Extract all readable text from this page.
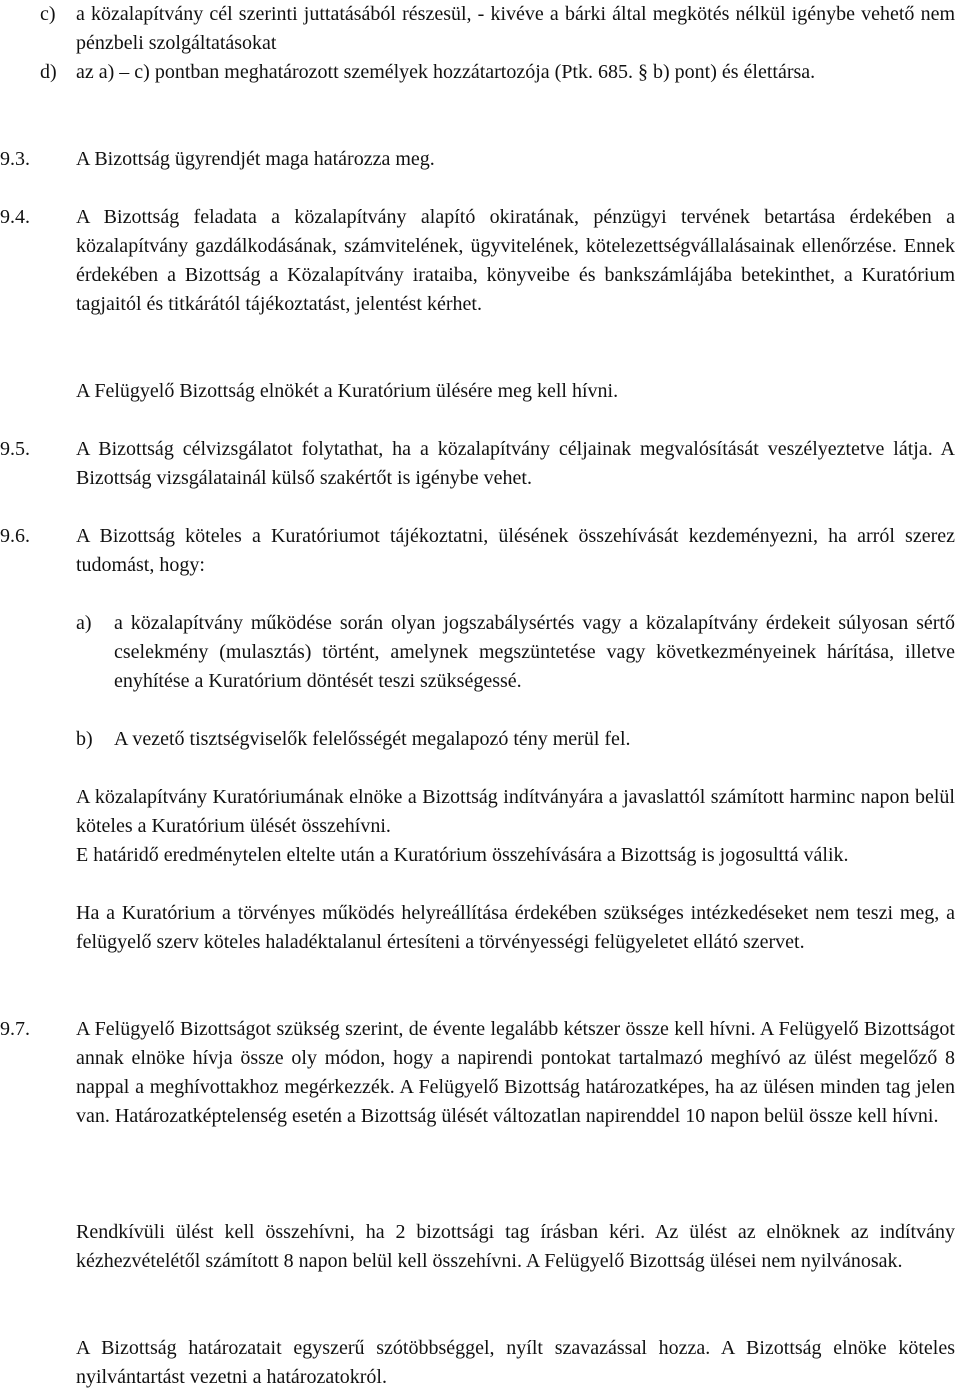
c) a közalapítvány cél szerinti juttatásából részesül, - kivéve a bárki által megkötés nélkül igénybe vehető nem pénzbeli szolgáltatásokat
d) az a) – c) pontban meghatározott személyek hozzátartozója (Ptk. 685. § b) pont) és élettársa.
9.3. A Bizottság ügyrendjét maga határozza meg.
9.4. A Bizottság feladata a közalapítvány alapító okiratának, pénzügyi tervének betartása érdekében a közalapítvány gazdálkodásának, számvitelének, ügyvitelének, kötelezettségvállalásainak ellenőrzése. Ennek érdekében a Bizottság a Közalapítvány irataiba, könyveibe és bankszámlájába betekinthet, a Kuratórium tagjaitól és titkárától tájékoztatást, jelentést kérhet.
A Felügyelő Bizottság elnökét a Kuratórium ülésére meg kell hívni.
9.5. A Bizottság célvizsgálatot folytathat, ha a közalapítvány céljainak megvalósítását veszélyeztetve látja. A Bizottság vizsgálatainál külső szakértőt is igénybe vehet.
9.6. A Bizottság köteles a Kuratóriumot tájékoztatni, ülésének összehívását kezdeményezni, ha arról szerez tudomást, hogy:
a) a közalapítvány működése során olyan jogszabálysértés vagy a közalapítvány érdekeit súlyosan sértő cselekmény (mulasztás) történt, amelynek megszüntetése vagy következményeinek hárítása, illetve enyhítése a Kuratórium döntését teszi szükségessé.
b) A vezető tisztségviselők felelősségét megalapozó tény merül fel.
A közalapítvány Kuratóriumának elnöke a Bizottság indítványára a javaslattól számított harminc napon belül köteles a Kuratórium ülését összehívni.
E határidő eredménytelen eltelte után a Kuratórium összehívására a Bizottság is jogosulttá válik.
Ha a Kuratórium a törvényes működés helyreállítása érdekében szükséges intézkedéseket nem teszi meg, a felügyelő szerv köteles haladéktalanul értesíteni a törvényességi felügyeletet ellátó szervet.
9.7. A Felügyelő Bizottságot szükség szerint, de évente legalább kétszer össze kell hívni. A Felügyelő Bizottságot annak elnöke hívja össze oly módon, hogy a napirendi pontokat tartalmazó meghívó az ülést megelőző 8 nappal a meghívottakhoz megérkezzék. A Felügyelő Bizottság határozatképes, ha az ülésen minden tag jelen van. Határozatképtelenség esetén a Bizottság ülését változatlan napirenddel 10 napon belül össze kell hívni.
Rendkívüli ülést kell összehívni, ha 2 bizottsági tag írásban kéri. Az ülést az elnöknek az indítvány kézhezvételétől számított 8 napon belül kell összehívni. A Felügyelő Bizottság ülései nem nyilvánosak.
A Bizottság határozatait egyszerű szótöbbséggel, nyílt szavazással hozza. A Bizottság elnöke köteles nyilvántartást vezetni a határozatokról.
